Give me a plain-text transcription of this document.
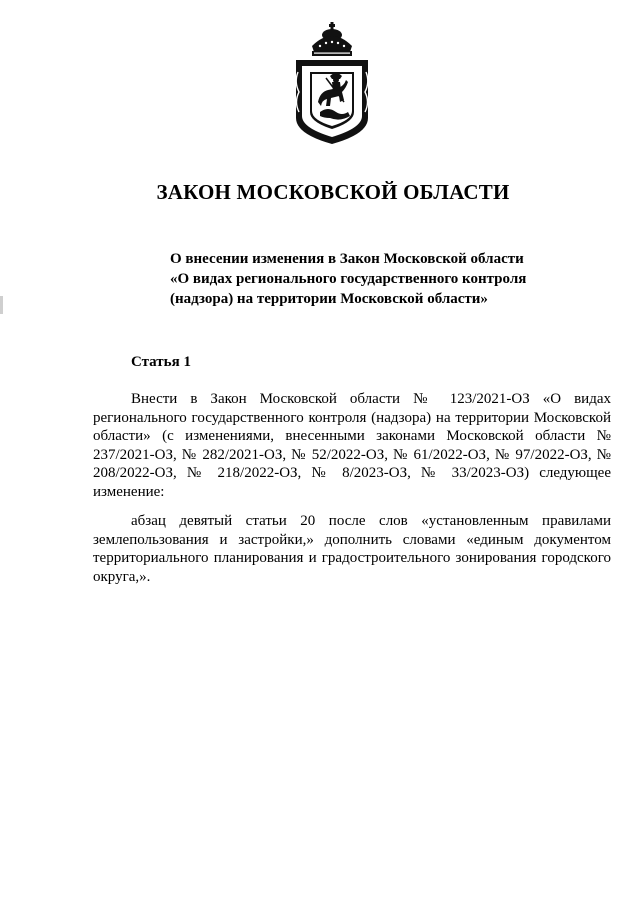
ЗАКОН МОСКОВСКОЙ ОБЛАСТИ
О внесении изменения в Закон Московской области
«О видах регионального государственного контроля
(надзора) на территории Московской области»
Статья 1
Внести в Закон Московской области № 123/2021-ОЗ «О видах регионального государственного контроля (надзора) на территории Московской области» (с изменениями, внесенными законами Московской области № 237/2021-ОЗ, № 282/2021-ОЗ, № 52/2022-ОЗ, № 61/2022-ОЗ, № 97/2022-ОЗ, № 208/2022-ОЗ, № 218/2022-ОЗ, № 8/2023-ОЗ, № 33/2023-ОЗ) следующее изменение:
абзац девятый статьи 20 после слов «установленным правилами землепользования и застройки,» дополнить словами «единым документом территориального планирования и градостроительного зонирования городского округа,».
